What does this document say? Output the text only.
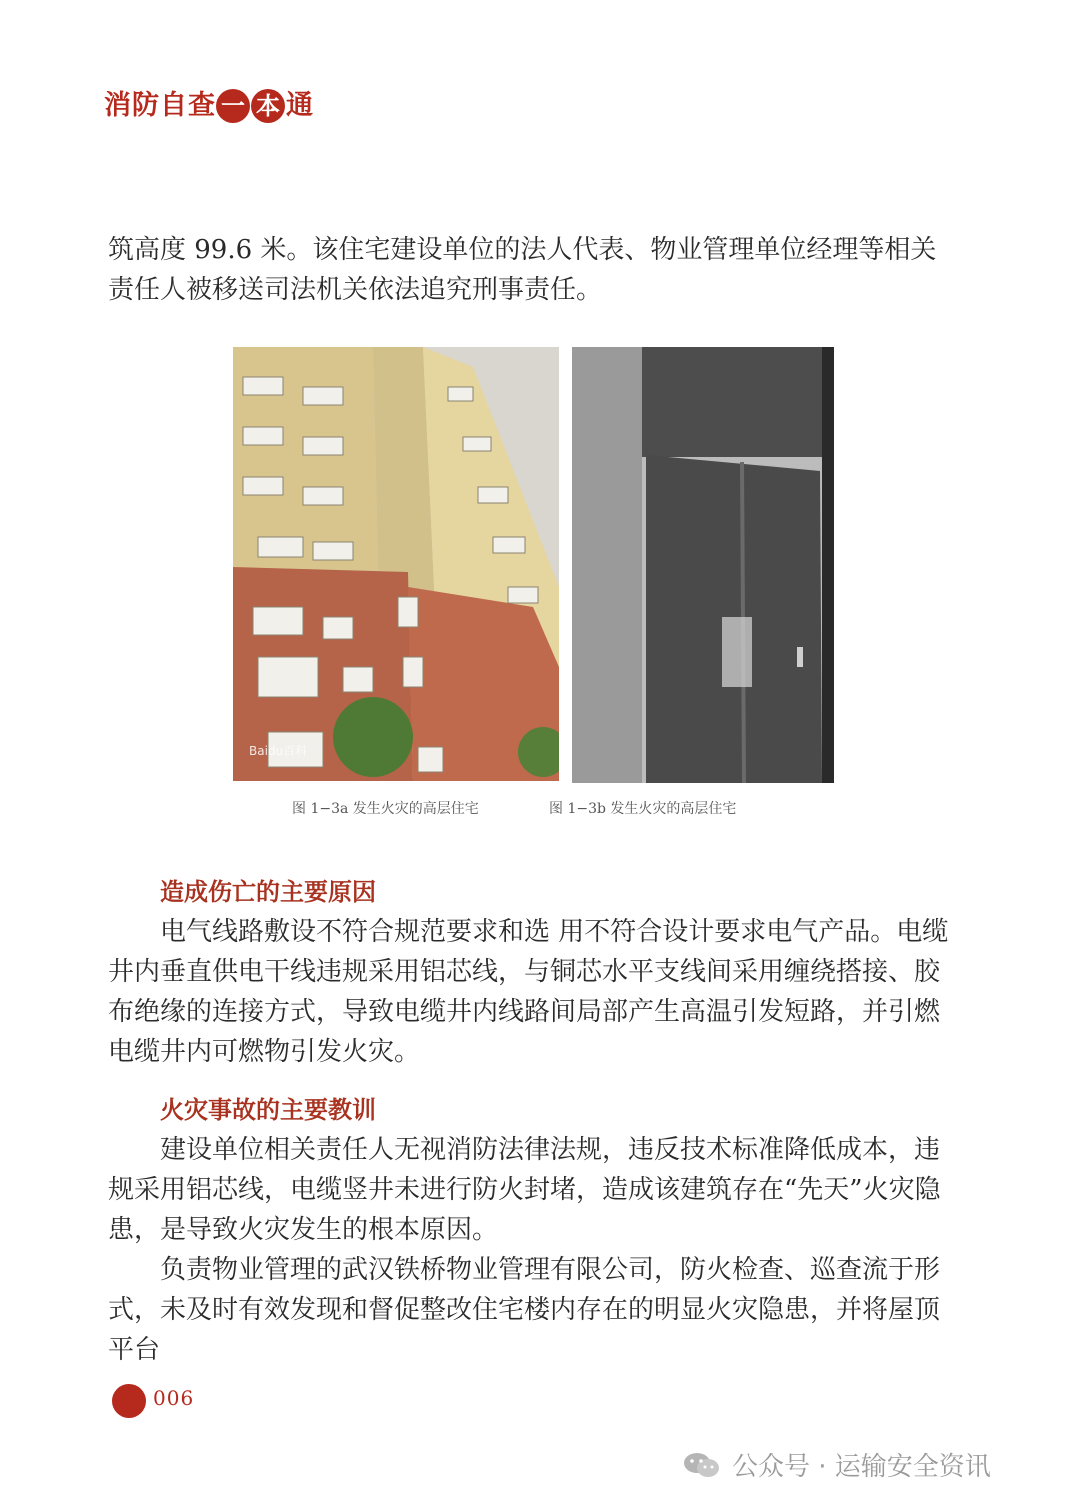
消 防 自 查 一 本 通

筑高度 99.6 米。该住宅建设单位的法人代表、物业管理单位经理等相关责任人被移送司法机关依法追究刑事责任。

Baidu百科
图 1−3a 发生火灾的高层住宅	图 1−3b 发生火灾的高层住宅
造成伤亡的主要原因

电气线路敷设不符合规范要求和选 用不符合设计要求电气产品。电缆井内垂直供电干线违规采用铝芯线，与铜芯水平支线间采用缠绕搭接、胶布绝缘的连接方式，导致电缆井内线路间局部产生高温引发短路，并引燃电缆井内可燃物引发火灾。

火灾事故的主要教训

建设单位相关责任人无视消防法律法规，违反技术标准降低成本，违规采用铝芯线，电缆竖井未进行防火封堵，造成该建筑存在“先天”火灾隐患，是导致火灾发生的根本原因。

负责物业管理的武汉铁桥物业管理有限公司，防火检查、巡查流于形式，未及时有效发现和督促整改住宅楼内存在的明显火灾隐患，并将屋顶平台

006
公众号 · 运输安全资讯
